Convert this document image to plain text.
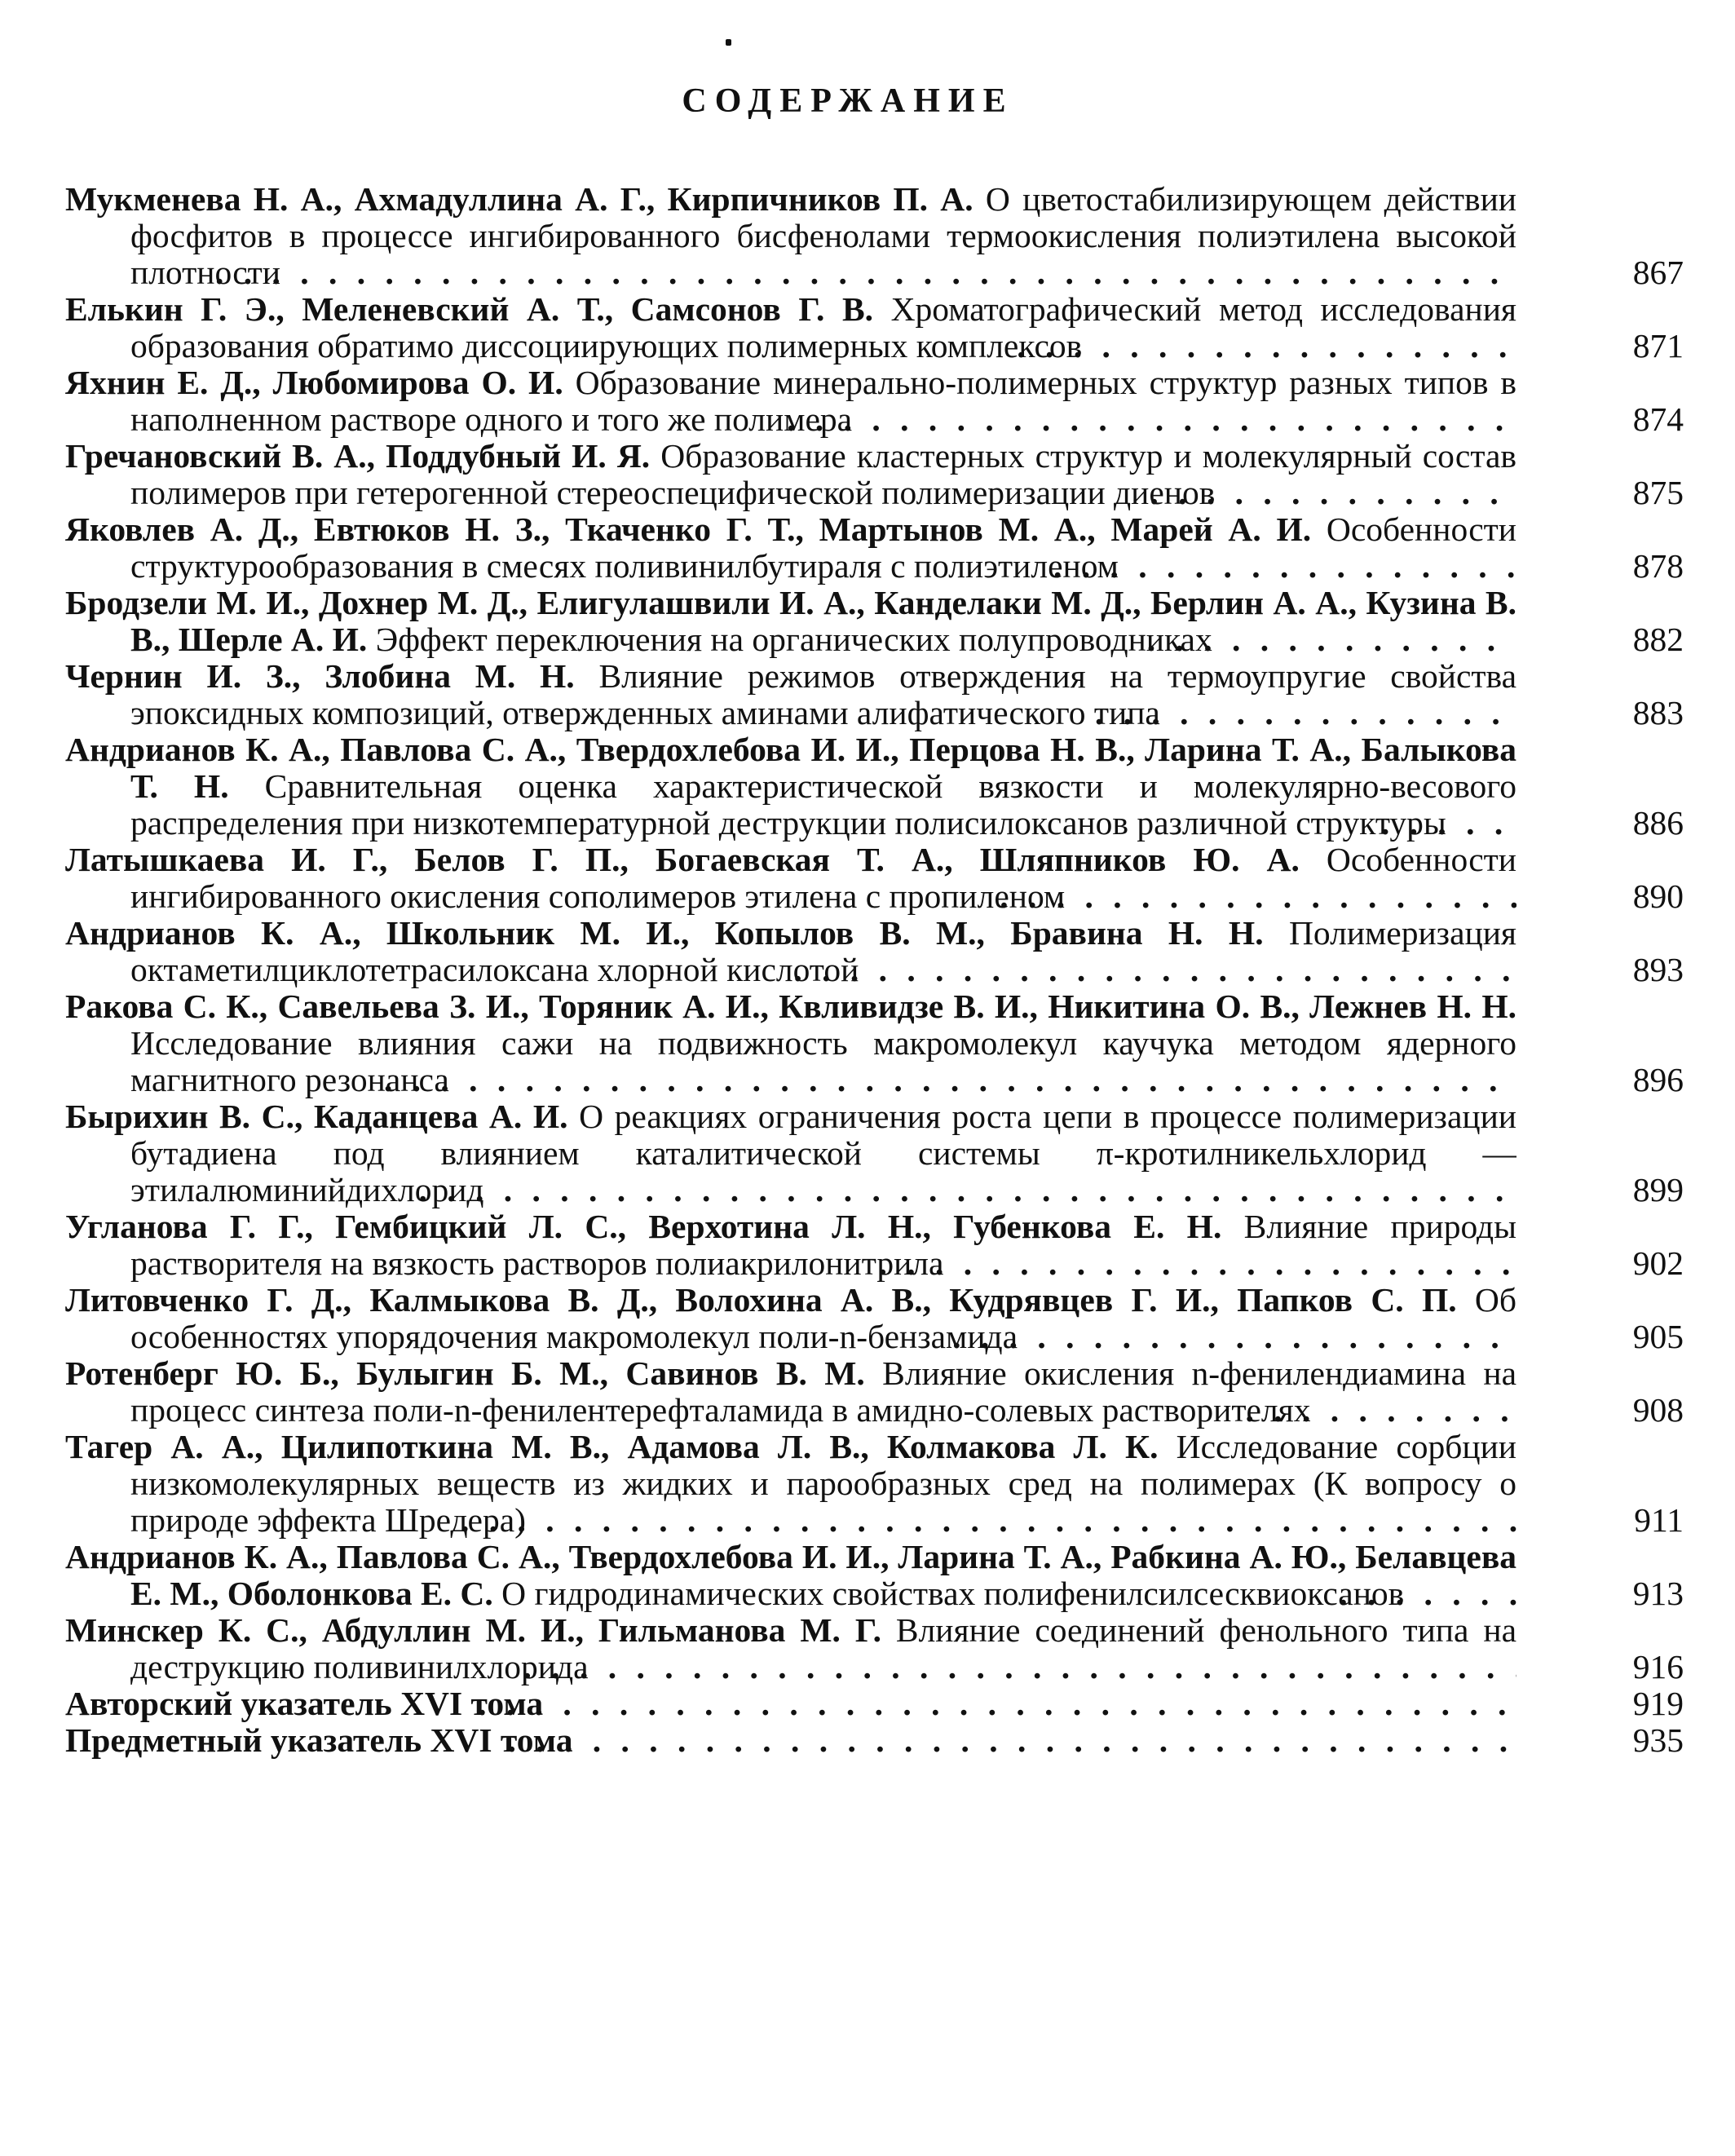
СОДЕРЖАНИЕ
Мукменева Н. А., Ахмадуллина А. Г., Кирпичников П. А. О цветостабилизирующем действии фосфитов в процессе ингибированного бисфенолами термоокисления полиэтилена высокой плотности	867
Елькин Г. Э., Меленевский А. Т., Самсонов Г. В. Хроматографический метод исследования образования обратимо диссоциирующих полимерных комплексов	871
Яхнин Е. Д., Любомирова О. И. Образование минерально-полимерных структур разных типов в наполненном растворе одного и того же полимера	874
Гречановский В. А., Поддубный И. Я. Образование кластерных структур и молекулярный состав полимеров при гетерогенной стереоспецифической полимеризации диенов	875
Яковлев А. Д., Евтюков Н. З., Ткаченко Г. Т., Мартынов М. А., Марей А. И. Особенности структурообразования в смесях поливинилбутираля с полиэтиленом	878
Бродзели М. И., Дохнер М. Д., Елигулашвили И. А., Канделаки М. Д., Берлин А. А., Кузина В. В., Шерле А. И. Эффект переключения на органических полупроводниках	882
Чернин И. З., Злобина М. Н. Влияние режимов отверждения на термоупругие свойства эпоксидных композиций, отвержденных аминами алифатического типа	883
Андрианов К. А., Павлова С. А., Твердохлебова И. И., Перцова Н. В., Ларина Т. А., Балыкова Т. Н. Сравнительная оценка характеристической вязкости и молекулярно-весового распределения при низкотемпературной деструкции полисилоксанов различной структуры	886
Латышкаева И. Г., Белов Г. П., Богаевская Т. А., Шляпников Ю. А. Особенности ингибированного окисления сополимеров этилена с пропиленом	890
Андрианов К. А., Школьник М. И., Копылов В. М., Бравина Н. Н. Полимеризация октаметилциклотетрасилоксана хлорной кислотой	893
Ракова С. К., Савельева З. И., Торяник А. И., Квливидзе В. И., Никитина О. В., Лежнев Н. Н. Исследование влияния сажи на подвижность макромолекул каучука методом ядерного магнитного резонанса	896
Бырихин В. С., Каданцева А. И. О реакциях ограничения роста цепи в процессе полимеризации бутадиена под влиянием каталитической системы π-кротилникельхлорид — этилалюминийдихлорид	899
Угланова Г. Г., Гембицкий Л. С., Верхотина Л. Н., Губенкова Е. Н. Влияние природы растворителя на вязкость растворов полиакрилонитрила	902
Литовченко Г. Д., Калмыкова В. Д., Волохина А. В., Кудрявцев Г. И., Папков С. П. Об особенностях упорядочения макромолекул поли-n-бензамида	905
Ротенберг Ю. Б., Булыгин Б. М., Савинов В. М. Влияние окисления n-фенилендиамина на процесс синтеза поли-n-фенилентерефталамида в амидно-солевых растворителях	908
Тагер А. А., Цилипоткина М. В., Адамова Л. В., Колмакова Л. К. Исследование сорбции низкомолекулярных веществ из жидких и парообразных сред на полимерах (К вопросу о природе эффекта Шредера)	911
Андрианов К. А., Павлова С. А., Твердохлебова И. И., Ларина Т. А., Рабкина А. Ю., Белавцева Е. М., Оболонкова Е. С. О гидродинамических свойствах полифенилсилсесквиоксанов	913
Минскер К. С., Абдуллин М. И., Гильманова М. Г. Влияние соединений фенольного типа на деструкцию поливинилхлорида	916
Авторский указатель XVI тома	919
Предметный указатель XVI тома	935
